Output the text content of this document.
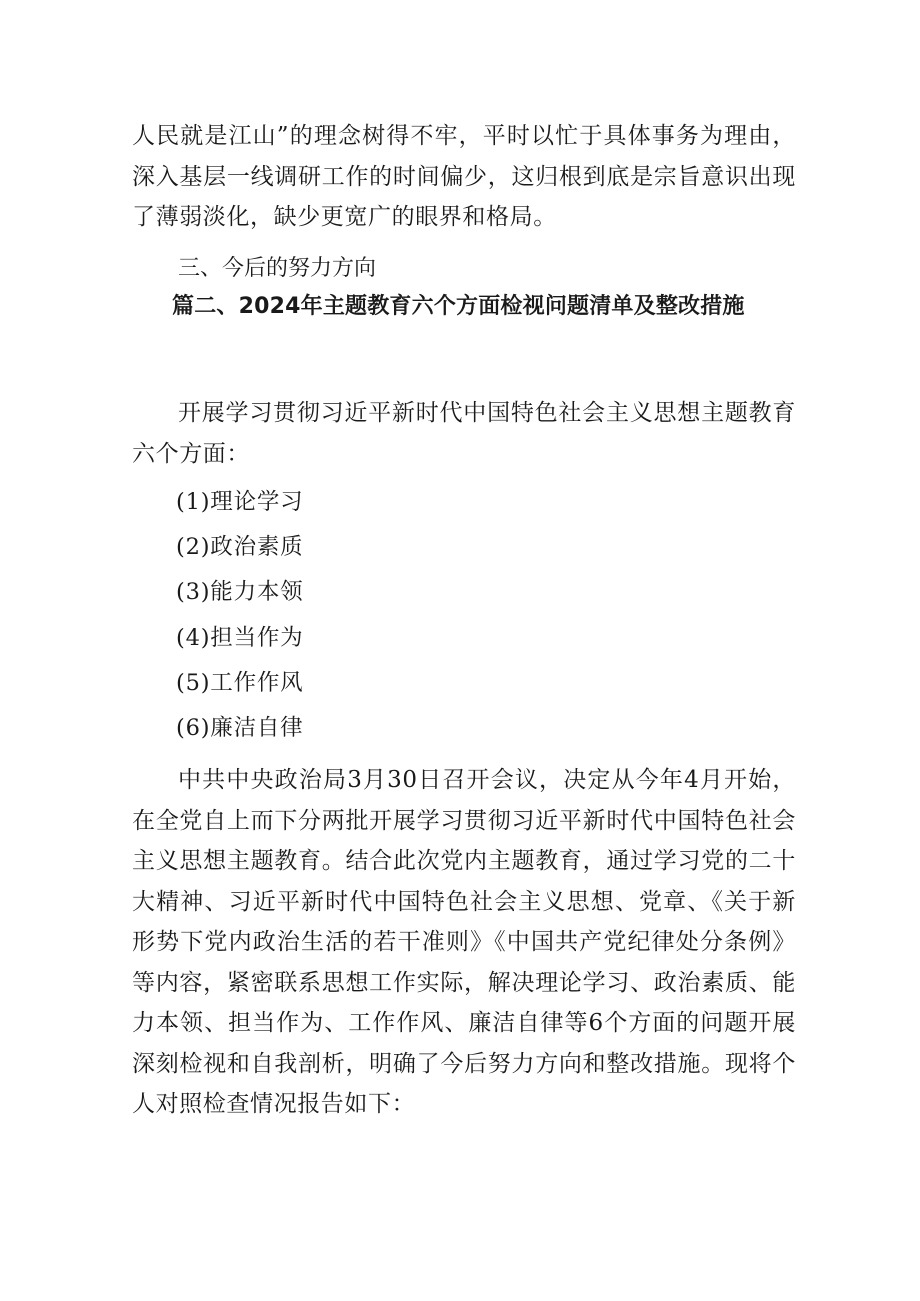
人民就是江山”的理念树得不牢，平时以忙于具体事务为理由，深入基层一线调研工作的时间偏少，这归根到底是宗旨意识出现了薄弱淡化，缺少更宽广的眼界和格局。

三、今后的努力方向
篇二、2024年主题教育六个方面检视问题清单及整改措施

开展学习贯彻习近平新时代中国特色社会主义思想主题教育六个方面：

(1)理论学习
(2)政治素质
(3)能力本领
(4)担当作为
(5)工作作风
(6)廉洁自律

中共中央政治局3月30日召开会议，决定从今年4月开始，在全党自上而下分两批开展学习贯彻习近平新时代中国特色社会主义思想主题教育。结合此次党内主题教育，通过学习党的二十大精神、习近平新时代中国特色社会主义思想、党章、《关于新形势下党内政治生活的若干准则》《中国共产党纪律处分条例》等内容，紧密联系思想工作实际，解决理论学习、政治素质、能力本领、担当作为、工作作风、廉洁自律等6个方面的问题开展深刻检视和自我剖析，明确了今后努力方向和整改措施。现将个人对照检查情况报告如下：
